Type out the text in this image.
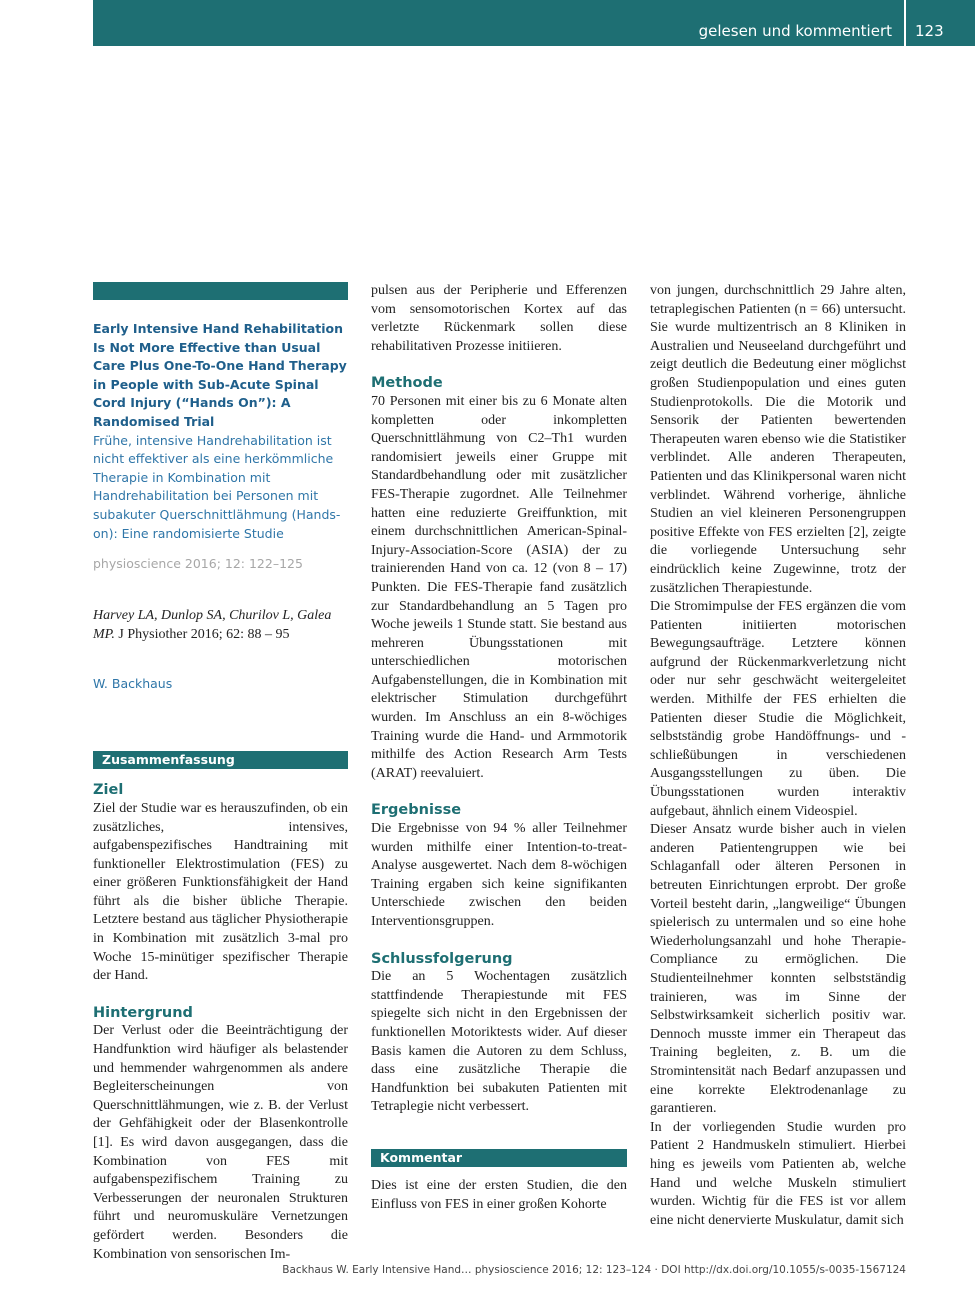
gelesen und kommentiert 123

Early Intensive Hand Rehabilitation Is Not More Effective than Usual Care Plus One-To-One Hand Therapy in People with Sub-Acute Spinal Cord Injury (“Hands On”): A Randomised Trial

Frühe, intensive Handrehabilitation ist nicht effektiver als eine herkömmliche Therapie in Kombination mit Handrehabilitation bei Personen mit subakuter Querschnittlähmung (Hands-on): Eine randomisierte Studie

physioscience 2016; 12: 122–125
Harvey LA, Dunlop SA, Churilov L, Galea MP. J Physiother 2016; 62: 88 – 95
W. Backhaus
Zusammenfassung
Ziel

Ziel der Studie war es herauszufinden, ob ein zusätzliches, intensives, aufgabenspezifisches Handtraining mit funktioneller Elektrostimulation (FES) zu einer größeren Funktionsfähigkeit der Hand führt als die bisher übliche Therapie. Letztere bestand aus täglicher Physiotherapie in Kombination mit zusätzlich 3-mal pro Woche 15-minütiger spezifischer Therapie der Hand.

Hintergrund

Der Verlust oder die Beeinträchtigung der Handfunktion wird häufiger als belastender und hemmender wahrgenommen als andere Begleiterscheinungen von Querschnittlähmungen, wie z. B. der Verlust der Gehfähigkeit oder der Blasenkontrolle [1]. Es wird davon ausgegangen, dass die Kombination von FES mit aufgabenspezifischem Training zu Verbesserungen der neuronalen Strukturen führt und neuromuskuläre Vernetzungen gefördert werden. Besonders die Kombination von sensorischen Im-

pulsen aus der Peripherie und Efferenzen vom sensomotorischen Kortex auf das verletzte Rückenmark sollen diese rehabilitativen Prozesse initiieren.

Methode

70 Personen mit einer bis zu 6 Monate alten kompletten oder inkompletten Querschnittlähmung von C2–Th1 wurden randomisiert jeweils einer Gruppe mit Standardbehandlung oder mit zusätzlicher FES-Therapie zugordnet. Alle Teilnehmer hatten eine reduzierte Greiffunktion, mit einem durchschnittlichen American-Spinal-Injury-Association-Score (ASIA) der zu trainierenden Hand von ca. 12 (von 8 – 17) Punkten. Die FES-Therapie fand zusätzlich zur Standardbehandlung an 5 Tagen pro Woche jeweils 1 Stunde statt. Sie bestand aus mehreren Übungsstationen mit unterschiedlichen motorischen Aufgabenstellungen, die in Kombination mit elektrischer Stimulation durchgeführt wurden. Im Anschluss an ein 8-wöchiges Training wurde die Hand- und Armmotorik mithilfe des Action Research Arm Tests (ARAT) reevaluiert.

Ergebnisse

Die Ergebnisse von 94 % aller Teilnehmer wurden mithilfe einer Intention-to-treat-Analyse ausgewertet. Nach dem 8-wöchigen Training ergaben sich keine signifikanten Unterschiede zwischen den beiden Interventionsgruppen.

Schlussfolgerung

Die an 5 Wochentagen zusätzlich stattfindende Therapiestunde mit FES spiegelte sich nicht in den Ergebnissen der funktionellen Motoriktests wider. Auf dieser Basis kamen die Autoren zu dem Schluss, dass eine zusätzliche Therapie die Handfunktion bei subakuten Patienten mit Tetraplegie nicht verbessert.

Kommentar

Dies ist eine der ersten Studien, die den Einfluss von FES in einer großen Kohorte

von jungen, durchschnittlich 29 Jahre alten, tetraplegischen Patienten (n = 66) untersucht. Sie wurde multizentrisch an 8 Kliniken in Australien und Neuseeland durchgeführt und zeigt deutlich die Bedeutung einer möglichst großen Studienpopulation und eines guten Studienprotokolls. Die die Motorik und Sensorik der Patienten bewertenden Therapeuten waren ebenso wie die Statistiker verblindet. Alle anderen Therapeuten, Patienten und das Klinikpersonal waren nicht verblindet. Während vorherige, ähnliche Studien an viel kleineren Personengruppen positive Effekte von FES erzielten [2], zeigte die vorliegende Untersuchung sehr eindrücklich keine Zugewinne, trotz der zusätzlichen Therapiestunde.

Die Stromimpulse der FES ergänzen die vom Patienten initiierten motorischen Bewegungsaufträge. Letztere können aufgrund der Rückenmarkverletzung nicht oder nur sehr geschwächt weitergeleitet werden. Mithilfe der FES erhielten die Patienten dieser Studie die Möglichkeit, selbstständig grobe Handöffnungs- und -schließübungen in verschiedenen Ausgangsstellungen zu üben. Die Übungsstationen wurden interaktiv aufgebaut, ähnlich einem Videospiel.

Dieser Ansatz wurde bisher auch in vielen anderen Patientengruppen wie bei Schlaganfall oder älteren Personen in betreuten Einrichtungen erprobt. Der große Vorteil besteht darin, „langweilige“ Übungen spielerisch zu untermalen und so eine hohe Wiederholungsanzahl und hohe Therapie-Compliance zu ermöglichen. Die Studienteilnehmer konnten selbstständig trainieren, was im Sinne der Selbstwirksamkeit sicherlich positiv war. Dennoch musste immer ein Therapeut das Training begleiten, z. B. um die Stromintensität nach Bedarf anzupassen und eine korrekte Elektrodenanlage zu garantieren.

In der vorliegenden Studie wurden pro Patient 2 Handmuskeln stimuliert. Hierbei hing es jeweils vom Patienten ab, welche Hand und welche Muskeln stimuliert wurden. Wichtig für die FES ist vor allem eine nicht denervierte Muskulatur, damit sich

Backhaus W. Early Intensive Hand… physioscience 2016; 12: 123–124 · DOI http://dx.doi.org/10.1055/s-0035-1567124
